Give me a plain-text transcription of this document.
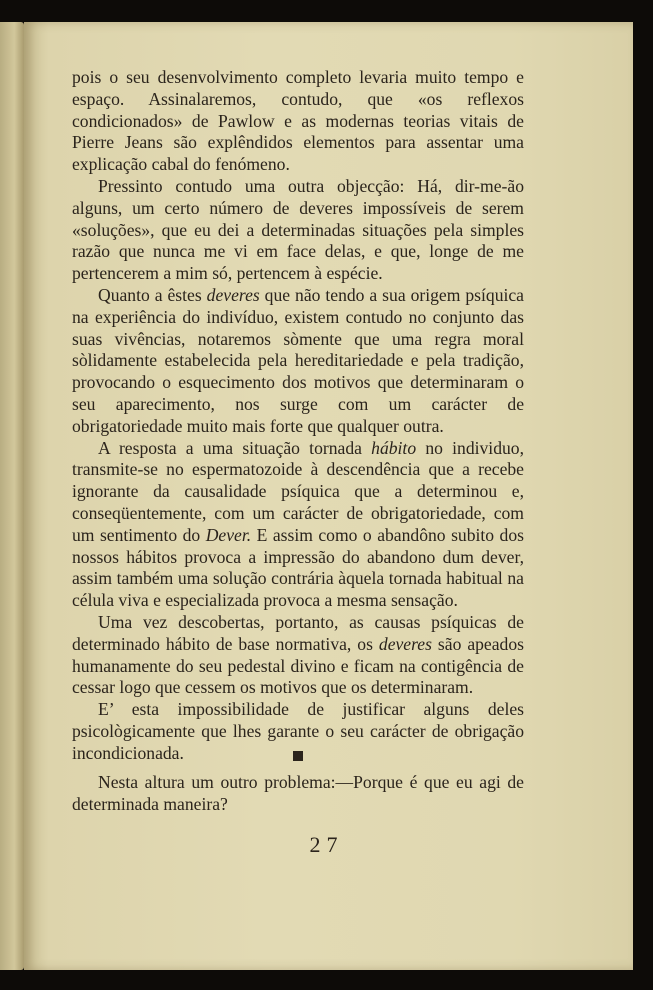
pois o seu desenvolvimento completo levaria muito tempo e espaço. Assinalaremos, contudo, que «os reflexos condicionados» de Pawlow e as modernas teorias vitais de Pierre Jeans são explêndidos elementos para assentar uma explicação cabal do fenómeno.

Pressinto contudo uma outra objecção: Há, dir-me-ão alguns, um certo número de deveres impossíveis de serem «soluções», que eu dei a determinadas situações pela simples razão que nunca me vi em face delas, e que, longe de me pertencerem a mim só, pertencem à espécie.

Quanto a êstes deveres que não tendo a sua origem psíquica na experiência do indivíduo, existem contudo no conjunto das suas vivências, notaremos sòmente que uma regra moral sòlidamente estabelecida pela hereditariedade e pela tradição, provocando o esquecimento dos motivos que determinaram o seu aparecimento, nos surge com um carácter de obrigatoriedade muito mais forte que qualquer outra.

A resposta a uma situação tornada hábito no individuo, transmite-se no espermatozoide à descendência que a recebe ignorante da causalidade psíquica que a determinou e, conseqüentemente, com um carácter de obrigatoriedade, com um sentimento do Dever. E assim como o abandôno subito dos nossos hábitos provoca a impressão do abandono dum dever, assim também uma solução contrária àquela tornada habitual na célula viva e especializada provoca a mesma sensação.

Uma vez descobertas, portanto, as causas psíquicas de determinado hábito de base normativa, os deveres são apeados humanamente do seu pedestal divino e ficam na contigência de cessar logo que cessem os motivos que os determinaram.

E’ esta impossibilidade de justificar alguns deles psicològicamente que lhes garante o seu carácter de obrigação incondicionada.

Nesta altura um outro problema:—Porque é que eu agi de determinada maneira?

27
